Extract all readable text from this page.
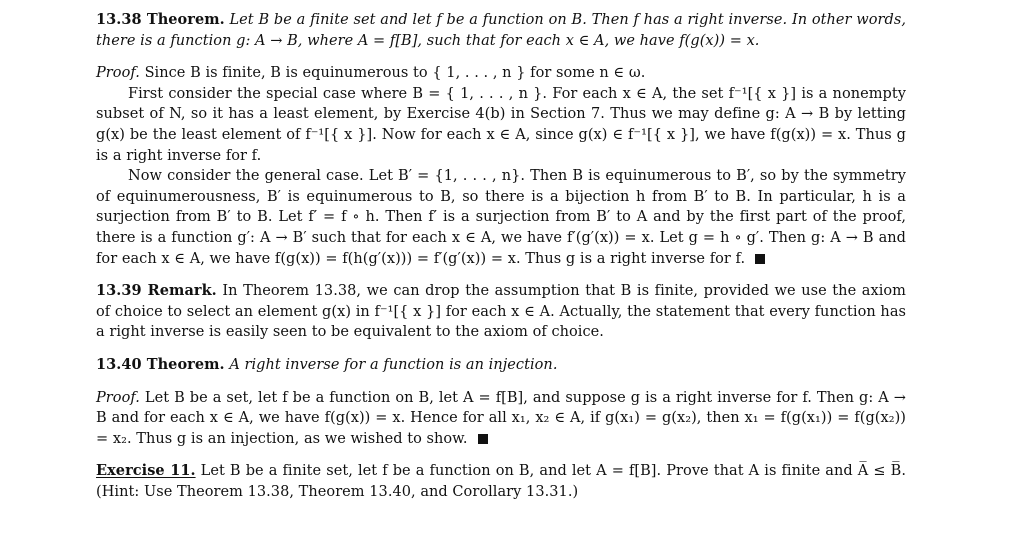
13.38 Theorem. Let B be a finite set and let f be a function on B. Then f has a right inverse. In other words, there is a function g: A → B, where A = f[B], such that for each x ∈ A, we have f(g(x)) = x.

Proof. Since B is finite, B is equinumerous to { 1, . . . , n } for some n ∈ ω.

First consider the special case where B = { 1, . . . , n }. For each x ∈ A, the set f⁻¹[{ x }] is a nonempty subset of N, so it has a least element, by Exercise 4(b) in Section 7. Thus we may define g: A → B by letting g(x) be the least element of f⁻¹[{ x }]. Now for each x ∈ A, since g(x) ∈ f⁻¹[{ x }], we have f(g(x)) = x. Thus g is a right inverse for f.

Now consider the general case. Let B′ = {1, . . . , n}. Then B is equinumerous to B′, so by the symmetry of equinumerousness, B′ is equinumerous to B, so there is a bijection h from B′ to B. In particular, h is a surjection from B′ to B. Let f′ = f ∘ h. Then f′ is a surjection from B′ to A and by the first part of the proof, there is a function g′: A → B′ such that for each x ∈ A, we have f′(g′(x)) = x. Let g = h ∘ g′. Then g: A → B and for each x ∈ A, we have f(g(x)) = f(h(g′(x))) = f′(g′(x)) = x. Thus g is a right inverse for f.

13.39 Remark. In Theorem 13.38, we can drop the assumption that B is finite, provided we use the axiom of choice to select an element g(x) in f⁻¹[{ x }] for each x ∈ A. Actually, the statement that every function has a right inverse is easily seen to be equivalent to the axiom of choice.

13.40 Theorem. A right inverse for a function is an injection.

Proof. Let B be a set, let f be a function on B, let A = f[B], and suppose g is a right inverse for f. Then g: A → B and for each x ∈ A, we have f(g(x)) = x. Hence for all x₁, x₂ ∈ A, if g(x₁) = g(x₂), then x₁ = f(g(x₁)) = f(g(x₂)) = x₂. Thus g is an injection, as we wished to show.

Exercise 11. Let B be a finite set, let f be a function on B, and let A = f[B]. Prove that A is finite and A̅ ≤ B̅. (Hint: Use Theorem 13.38, Theorem 13.40, and Corollary 13.31.)
